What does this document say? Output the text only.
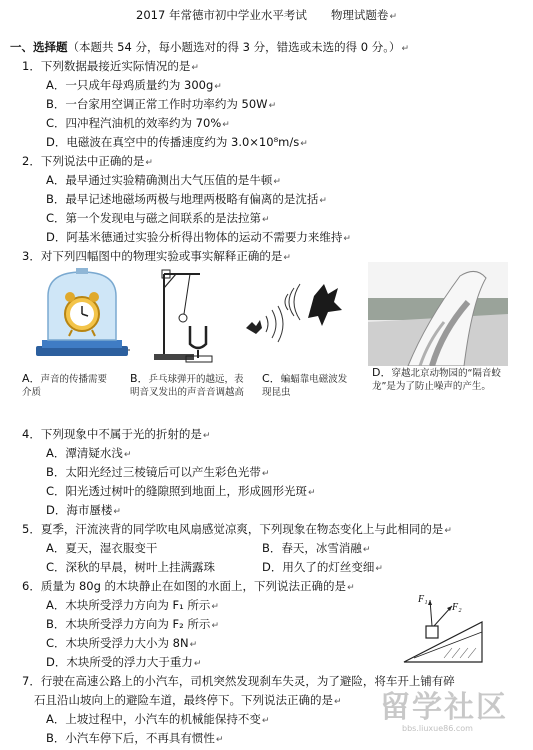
2017 年常德市初中学业水平考试 物理试题卷↵
一、选择题（本题共 54 分，每小题选对的得 3 分，错选或未选的得 0 分。）↵
1．下列数据最接近实际情况的是↵
A．一只成年母鸡质量约为 300g↵
B．一台家用空调正常工作时功率约为 50W↵
C．四冲程汽油机的效率约为 70%↵
D．电磁波在真空中的传播速度约为 3.0×10⁸m/s↵
2．下列说法中正确的是↵
A．最早通过实验精确测出大气压值的是牛顿↵
B．最早记述地磁场两极与地理两极略有偏离的是沈括↵
C．第一个发现电与磁之间联系的是法拉第↵
D．阿基米德通过实验分析得出物体的运动不需要力来维持↵
3．对下列四幅图中的物理实验或事实解释正确的是↵
A．声音的传播需要介质
B．乒乓球弹开的越远，表明音叉发出的声音音调越高
C．蝙蝠靠电磁波发现昆虫
D．穿越北京动物园的“隔音蛟龙”是为了防止噪声的产生。
4．下列现象中不属于光的折射的是↵
A．潭清疑水浅↵
B．太阳光经过三棱镜后可以产生彩色光带↵
C．阳光透过树叶的缝隙照到地面上，形成圆形光斑↵
D．海市蜃楼↵
5．夏季，汗流浃背的同学吹电风扇感觉凉爽，下列现象在物态变化上与此相同的是↵
A．夏天，湿衣服变干	B．春天，冰雪消融↵
C．深秋的早晨，树叶上挂满露珠	D．用久了的灯丝变细↵
6．质量为 80g 的木块静止在如图的水面上，下列说法正确的是↵
A．木块所受浮力方向为 F₁ 所示↵
B．木块所受浮力方向为 F₂ 所示↵
C．木块所受浮力大小为 8N↵
D．木块所受的浮力大于重力↵
F₁
F₂
7．行驶在高速公路上的小汽车，司机突然发现刹车失灵，为了避险，将车开上铺有碎
石且沿山坡向上的避险车道，最终停下。下列说法正确的是↵
A．上坡过程中，小汽车的机械能保持不变↵
B．小汽车停下后，不再具有惯性↵
留学社区
bbs.liuxue86.com
